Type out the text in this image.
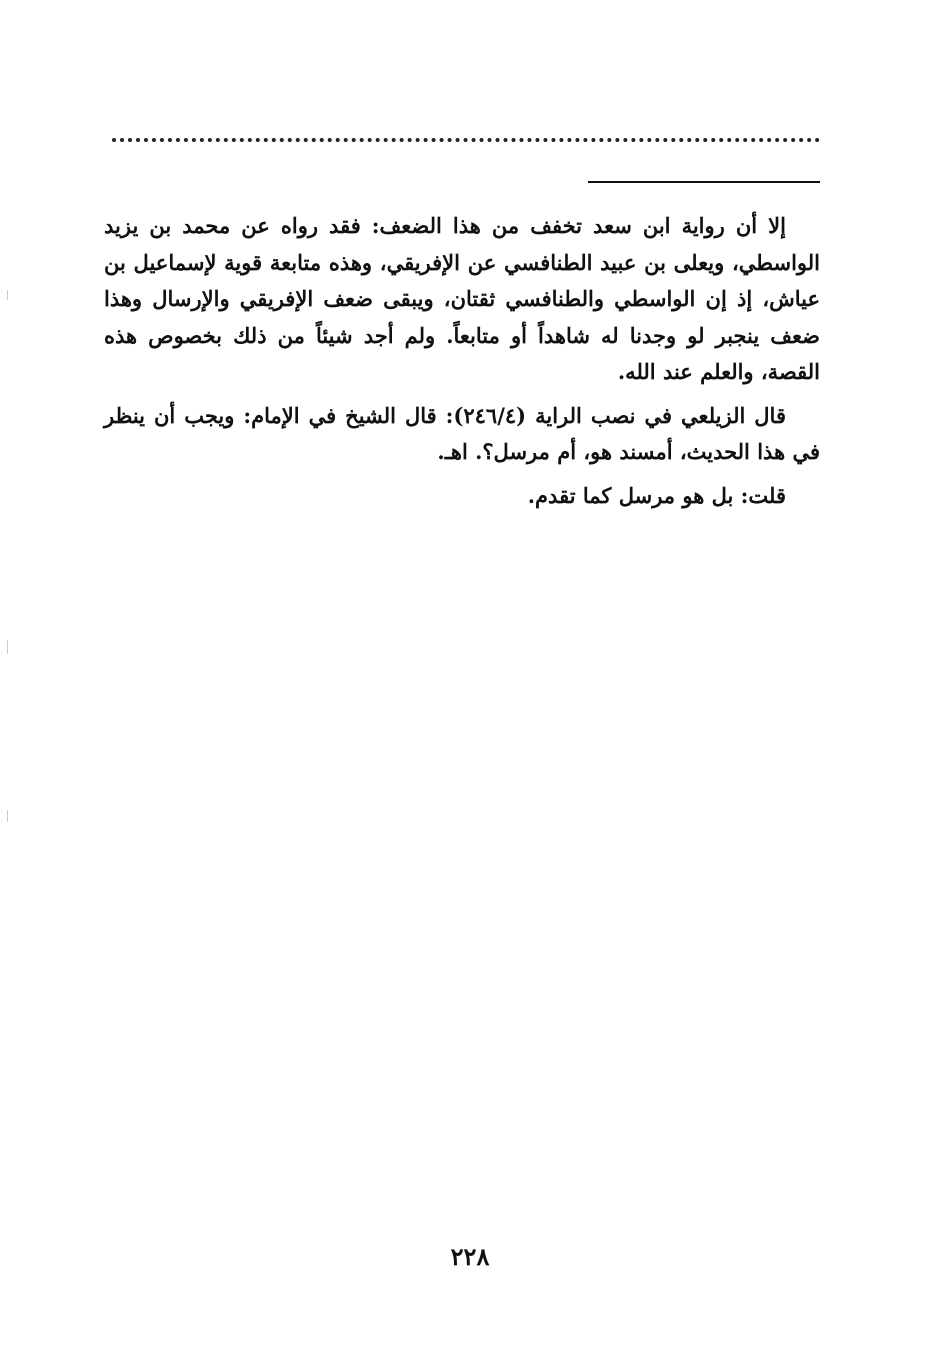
إلا أن رواية ابن سعد تخفف من هذا الضعف: فقد رواه عن محمد بن يزيد الواسطي، ويعلى بن عبيد الطنافسي عن الإفريقي، وهذه متابعة قوية لإسماعيل بن عياش، إذ إن الواسطي والطنافسي ثقتان، ويبقى ضعف الإفريقي والإرسال وهذا ضعف ينجبر لو وجدنا له شاهداً أو متابعاً. ولم أجد شيئاً من ذلك بخصوص هذه القصة، والعلم عند الله.

قال الزيلعي في نصب الراية (٢٤٦/٤): قال الشيخ في الإمام: ويجب أن ينظر في هذا الحديث، أمسند هو، أم مرسل؟. اهـ.

قلت: بل هو مرسل كما تقدم.

٢٢٨
